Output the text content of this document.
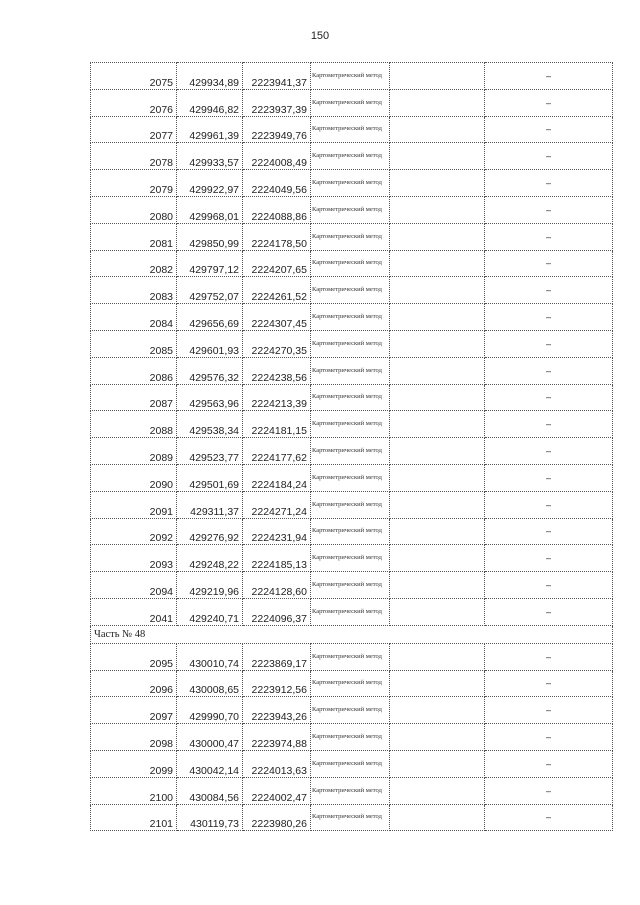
150
2075	429934,89	2223941,37	Картометрический метод		–
2076	429946,82	2223937,39	Картометрический метод		–
2077	429961,39	2223949,76	Картометрический метод		–
2078	429933,57	2224008,49	Картометрический метод		–
2079	429922,97	2224049,56	Картометрический метод		–
2080	429968,01	2224088,86	Картометрический метод		–
2081	429850,99	2224178,50	Картометрический метод		–
2082	429797,12	2224207,65	Картометрический метод		–
2083	429752,07	2224261,52	Картометрический метод		–
2084	429656,69	2224307,45	Картометрический метод		–
2085	429601,93	2224270,35	Картометрический метод		–
2086	429576,32	2224238,56	Картометрический метод		–
2087	429563,96	2224213,39	Картометрический метод		–
2088	429538,34	2224181,15	Картометрический метод		–
2089	429523,77	2224177,62	Картометрический метод		–
2090	429501,69	2224184,24	Картометрический метод		–
2091	429311,37	2224271,24	Картометрический метод		–
2092	429276,92	2224231,94	Картометрический метод		–
2093	429248,22	2224185,13	Картометрический метод		–
2094	429219,96	2224128,60	Картометрический метод		–
2041	429240,71	2224096,37	Картометрический метод		–
Часть № 48					
2095	430010,74	2223869,17	Картометрический метод		–
2096	430008,65	2223912,56	Картометрический метод		–
2097	429990,70	2223943,26	Картометрический метод		–
2098	430000,47	2223974,88	Картометрический метод		–
2099	430042,14	2224013,63	Картометрический метод		–
2100	430084,56	2224002,47	Картометрический метод		–
2101	430119,73	2223980,26	Картометрический метод		–
